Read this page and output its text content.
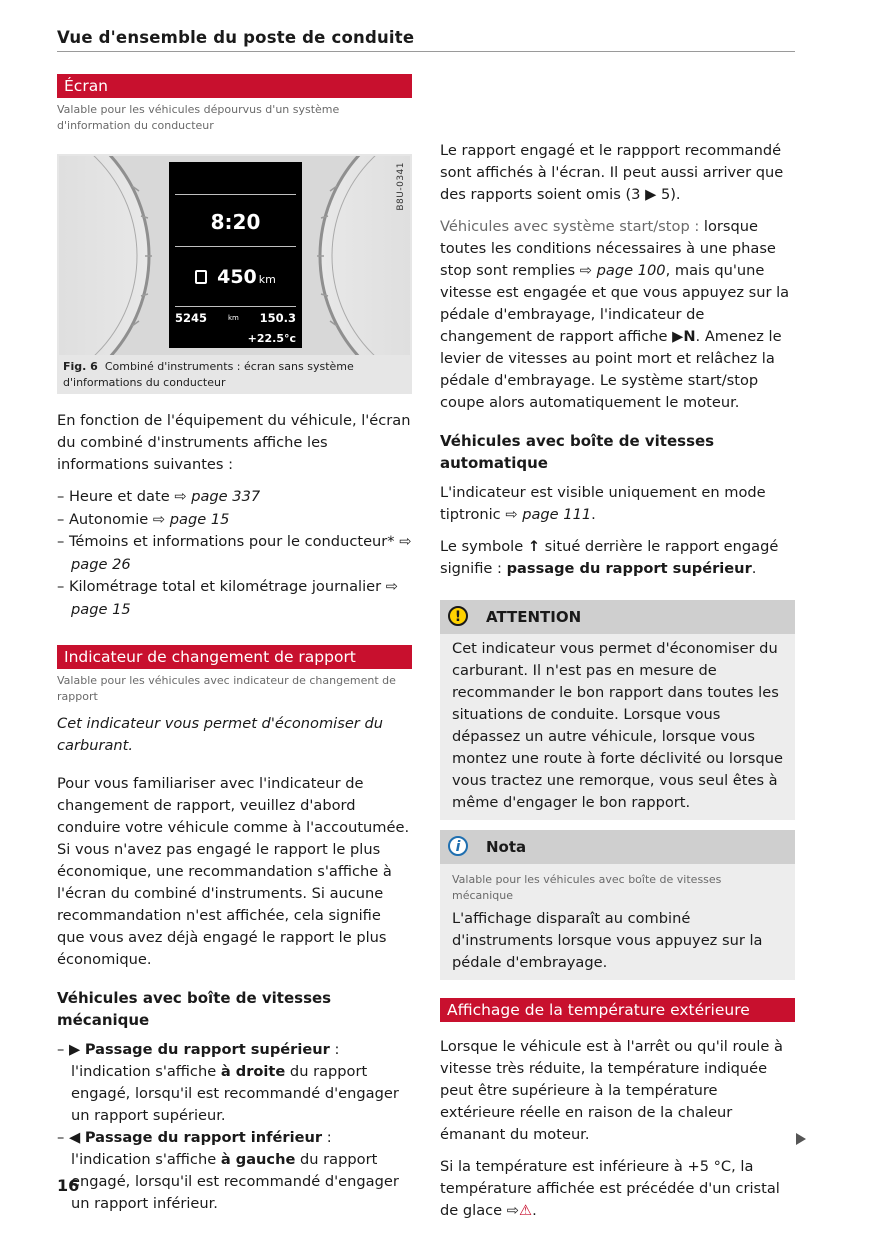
Vue d'ensemble du poste de conduite
Écran
Valable pour les véhicules dépourvus d'un système d'information du conducteur
8:20
450 km
5245	km 150.3
+22.5°c
B8U-0341
Fig. 6 Combiné d'instruments : écran sans système d'informations du conducteur

En fonction de l'équipement du véhicule, l'écran du combiné d'instruments affiche les informations suivantes :

– Heure et date ⇨ page 337
– Autonomie ⇨ page 15
– Témoins et informations pour le conducteur* ⇨ page 26
– Kilométrage total et kilométrage journalier ⇨ page 15
Indicateur de changement de rapport
Valable pour les véhicules avec indicateur de changement de rapport

Cet indicateur vous permet d'économiser du carburant.

Pour vous familiariser avec l'indicateur de changement de rapport, veuillez d'abord conduire votre véhicule comme à l'accoutumée. Si vous n'avez pas engagé le rapport le plus économique, une recommandation s'affiche à l'écran du combiné d'instruments. Si aucune recommandation n'est affichée, cela signifie que vous avez déjà engagé le rapport le plus économique.

Véhicules avec boîte de vitesses mécanique
– ▶ Passage du rapport supérieur : l'indication s'affiche à droite du rapport engagé, lorsqu'il est recommandé d'engager un rapport supérieur.
– ◀ Passage du rapport inférieur : l'indication s'affiche à gauche du rapport engagé, lorsqu'il est recommandé d'engager un rapport inférieur.

Le rapport engagé et le rappport recommandé sont affichés à l'écran. Il peut aussi arriver que des rapports soient omis (3 ▶ 5).

Véhicules avec système start/stop : lorsque toutes les conditions nécessaires à une phase stop sont remplies ⇨ page 100, mais qu'une vitesse est engagée et que vous appuyez sur la pédale d'embrayage, l'indicateur de changement de rapport affiche ▶N. Amenez le levier de vitesses au point mort et relâchez la pédale d'embrayage. Le système start/stop coupe alors automatiquement le moteur.

Véhicules avec boîte de vitesses automatique

L'indicateur est visible uniquement en mode tiptronic ⇨ page 111.

Le symbole ↑ situé derrière le rapport engagé signifie : passage du rapport supérieur.

!	ATTENTION

Cet indicateur vous permet d'économiser du carburant. Il n'est pas en mesure de recommander le bon rapport dans toutes les situations de conduite. Lorsque vous dépassez un autre véhicule, lorsque vous montez une route à forte déclivité ou lorsque vous tractez une remorque, vous seul êtes à même d'engager le bon rapport.

i	Nota
Valable pour les véhicules avec boîte de vitesses mécanique

L'affichage disparaît au combiné d'instruments lorsque vous appuyez sur la pédale d'embrayage.

Affichage de la température extérieure

Lorsque le véhicule est à l'arrêt ou qu'il roule à vitesse très réduite, la température indiquée peut être supérieure à la température extérieure réelle en raison de la chaleur émanant du moteur.

Si la température est inférieure à +5 °C, la température affichée est précédée d'un cristal de glace ⇨⚠.

16
